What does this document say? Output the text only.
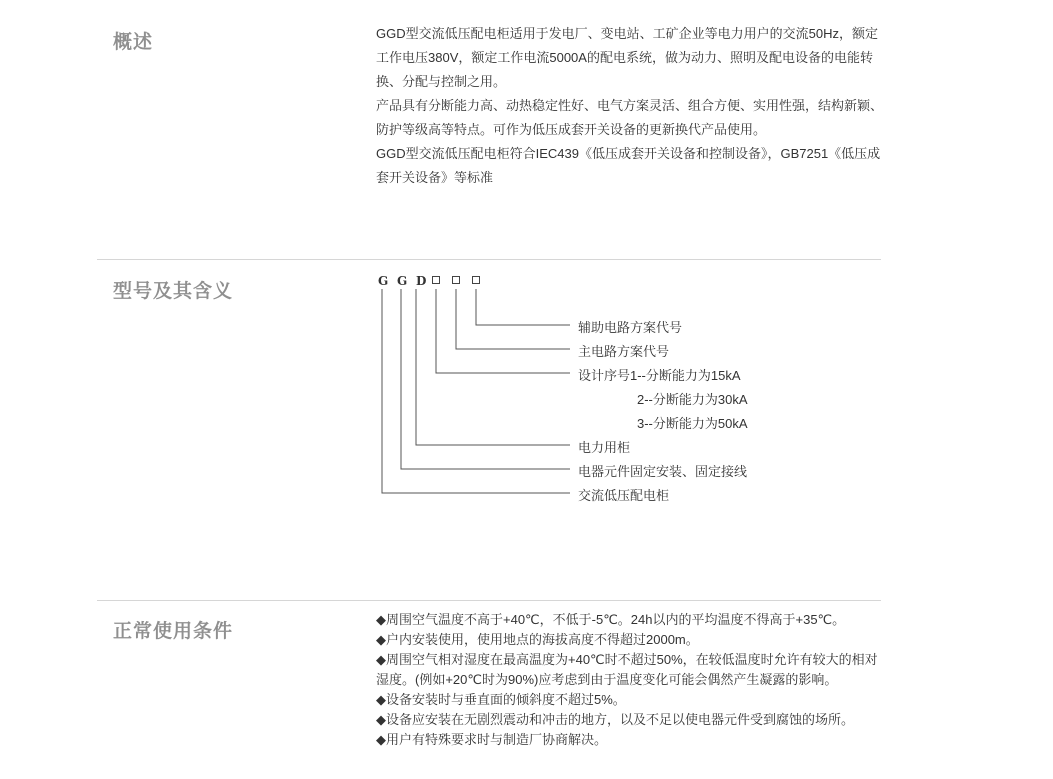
概述	GGD型交流低压配电柜适用于发电厂、变电站、工矿企业等电力用户的交流50Hz，额定工作电压380V，额定工作电流5000A的配电系统，做为动力、照明及配电设备的电能转换、分配与控制之用。

产品具有分断能力高、动热稳定性好、电气方案灵活、组合方便、实用性强，结构新颖、防护等级高等特点。可作为低压成套开关设备的更新换代产品使用。

GGD型交流低压配电柜符合IEC439《低压成套开关设备和控制设备》，GB7251《低压成套开关设备》等标准

型号及其含义	G G D
辅助电路方案代号
主电路方案代号
设计序号1--分断能力为15kA
2--分断能力为30kA
3--分断能力为50kA
电力用柜
电器元件固定安装、固定接线
交流低压配电柜
正常使用条件
◆周围空气温度不高于+40℃，不低于-5℃。24h以内的平均温度不得高于+35℃。
◆户内安装使用，使用地点的海拔高度不得超过2000m。
◆周围空气相对湿度在最高温度为+40℃时不超过50%，在较低温度时允许有较大的相对湿度。(例如+20℃时为90%)应考虑到由于温度变化可能会偶然产生凝露的影响。
◆设备安装时与垂直面的倾斜度不超过5%。
◆设备应安装在无剧烈震动和冲击的地方，以及不足以使电器元件受到腐蚀的场所。
◆用户有特殊要求时与制造厂协商解决。
